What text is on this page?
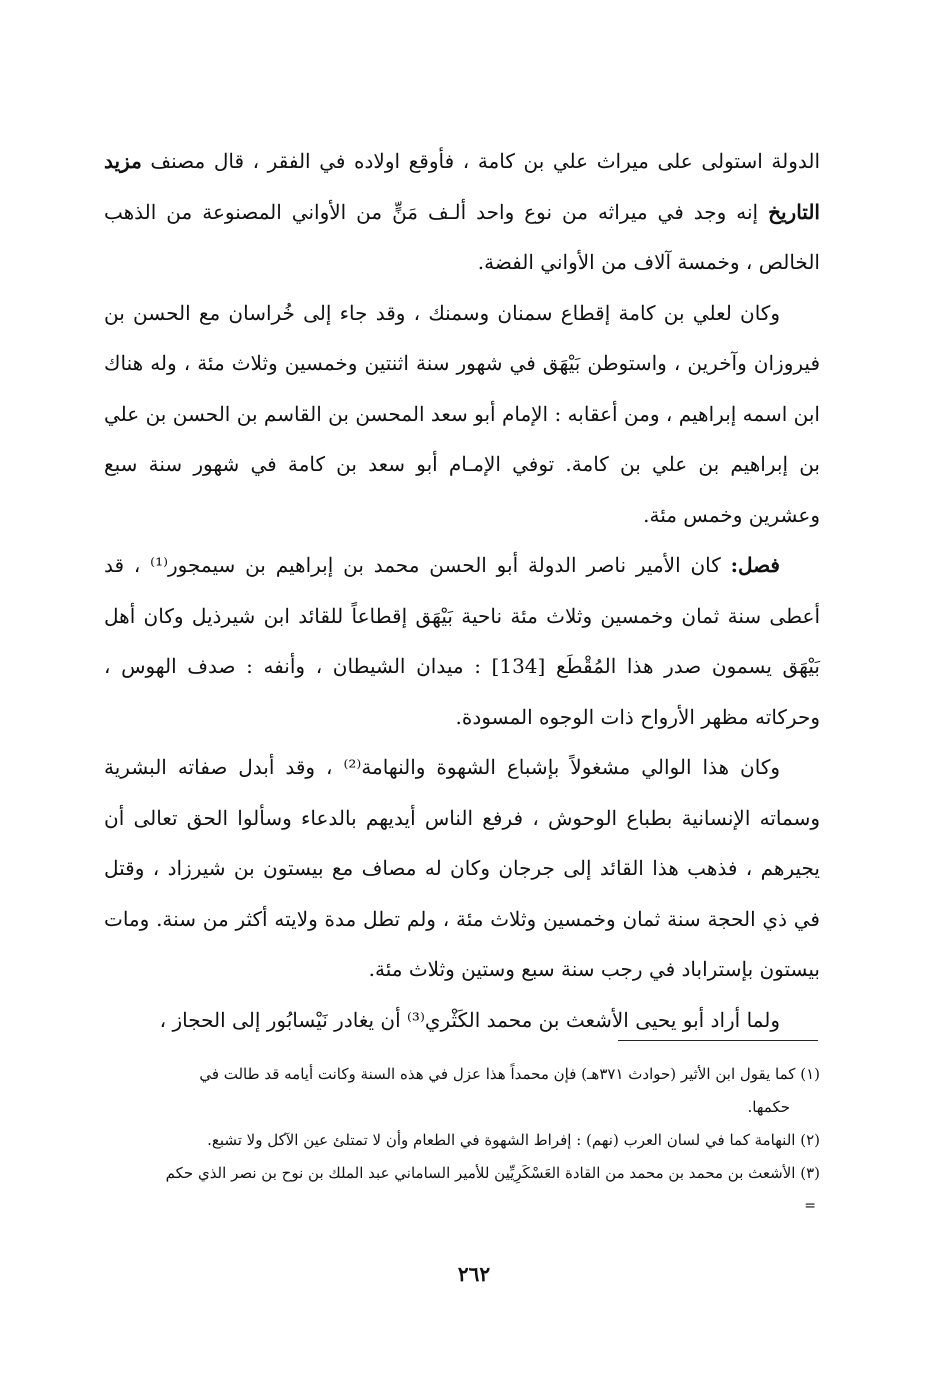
الدولة استولى على ميراث علي بن كامة ، فأوقع اولاده في الفقر ، قال مصنف مزيد التاريخ إنه وجد في ميراثه من نوع واحد ألـف مَنٍّ من الأواني المصنوعة من الذهب الخالص ، وخمسة آلاف من الأواني الفضة.

وكان لعلي بن كامة إقطاع سمنان وسمنك ، وقد جاء إلى خُراسان مع الحسن بن فيروزان وآخرين ، واستوطن بَيْهَق في شهور سنة اثنتين وخمسين وثلاث مئة ، وله هناك ابن اسمه إبراهيم ، ومن أعقابه : الإمام أبو سعد المحسن بن القاسم بن الحسن بن علي بن إبراهيم بن علي بن كامة. توفي الإمـام أبو سعد بن كامة في شهور سنة سبع وعشرين وخمس مئة.

فصل: كان الأمير ناصر الدولة أبو الحسن محمد بن إبراهيم بن سيمجور⁽¹⁾ ، قد أعطى سنة ثمان وخمسين وثلاث مئة ناحية بَيْهَق إقطاعاً للقائد ابن شيرذيل وكان أهل بَيْهَق يسمون صدر هذا المُقْطَع [134] : ميدان الشيطان ، وأنفه : صدف الهوس ، وحركاته مظهر الأرواح ذات الوجوه المسودة.

وكان هذا الوالي مشغولاً بإشباع الشهوة والنهامة⁽²⁾ ، وقد أبدل صفاته البشرية وسماته الإنسانية بطباع الوحوش ، فرفع الناس أيديهم بالدعاء وسألوا الحق تعالى أن يجيرهم ، فذهب هذا القائد إلى جرجان وكان له مصاف مع بيستون بن شيرزاد ، وقتل في ذي الحجة سنة ثمان وخمسين وثلاث مئة ، ولم تطل مدة ولايته أكثر من سنة. ومات بيستون بإستراباد في رجب سنة سبع وستين وثلاث مئة.

ولما أراد أبو يحيى الأشعث بن محمد الكَثْري⁽³⁾ أن يغادر نَيْسابُور إلى الحجاز ،

(١) كما يقول ابن الأثير (حوادث ٣٧١هـ) فإن محمداً هذا عزل في هذه السنة وكانت أيامه قد طالت في

حكمها.

(٢) النهامة كما في لسان العرب (نهم) : إفراط الشهوة في الطعام وأن لا تمتلئ عين الآكل ولا تشبع.

(٣) الأشعث بن محمد بن محمد من القادة العَسْكَرِيِّين للأمير الساماني عبد الملك بن نوح بن نصر الذي حكم

=

٢٦٢
